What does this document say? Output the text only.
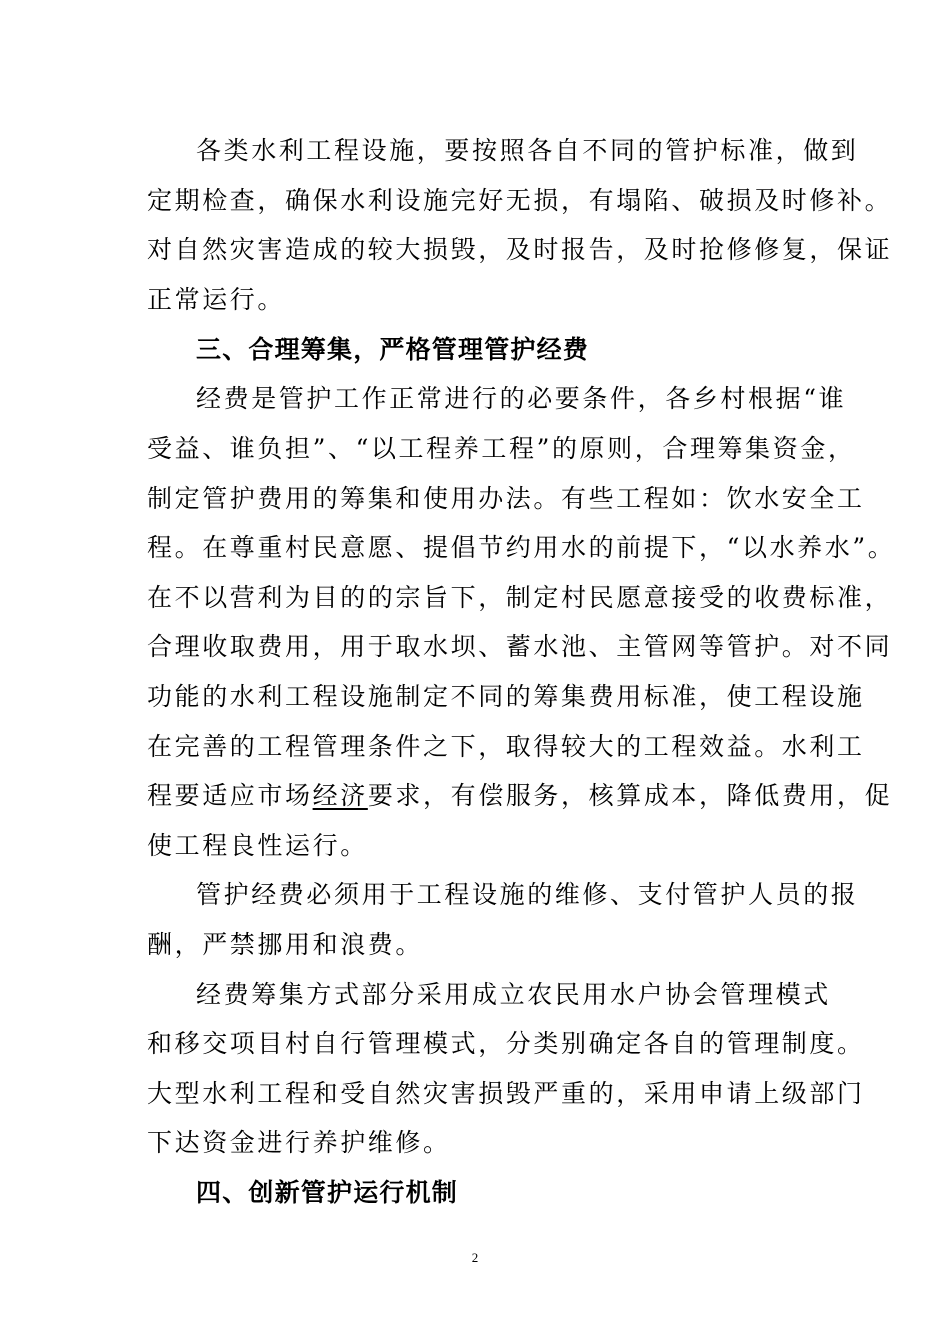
各类水利工程设施，要按照各自不同的管护标准，做到
定期检查，确保水利设施完好无损，有塌陷、破损及时修补。
对自然灾害造成的较大损毁，及时报告，及时抢修修复，保证
正常运行。
三、合理筹集，严格管理管护经费
经费是管护工作正常进行的必要条件，各乡村根据“谁
受益、谁负担”、“以工程养工程”的原则，合理筹集资金，
制定管护费用的筹集和使用办法。有些工程如：饮水安全工
程。在尊重村民意愿、提倡节约用水的前提下，“以水养水”。
在不以营利为目的的宗旨下，制定村民愿意接受的收费标准，
合理收取费用，用于取水坝、蓄水池、主管网等管护。对不同
功能的水利工程设施制定不同的筹集费用标准，使工程设施
在完善的工程管理条件之下，取得较大的工程效益。水利工
程要适应市场经济要求，有偿服务，核算成本，降低费用，促
使工程良性运行。
管护经费必须用于工程设施的维修、支付管护人员的报
酬，严禁挪用和浪费。
经费筹集方式部分采用成立农民用水户协会管理模式
和移交项目村自行管理模式，分类别确定各自的管理制度。
大型水利工程和受自然灾害损毁严重的，采用申请上级部门
下达资金进行养护维修。
四、创新管护运行机制
2
